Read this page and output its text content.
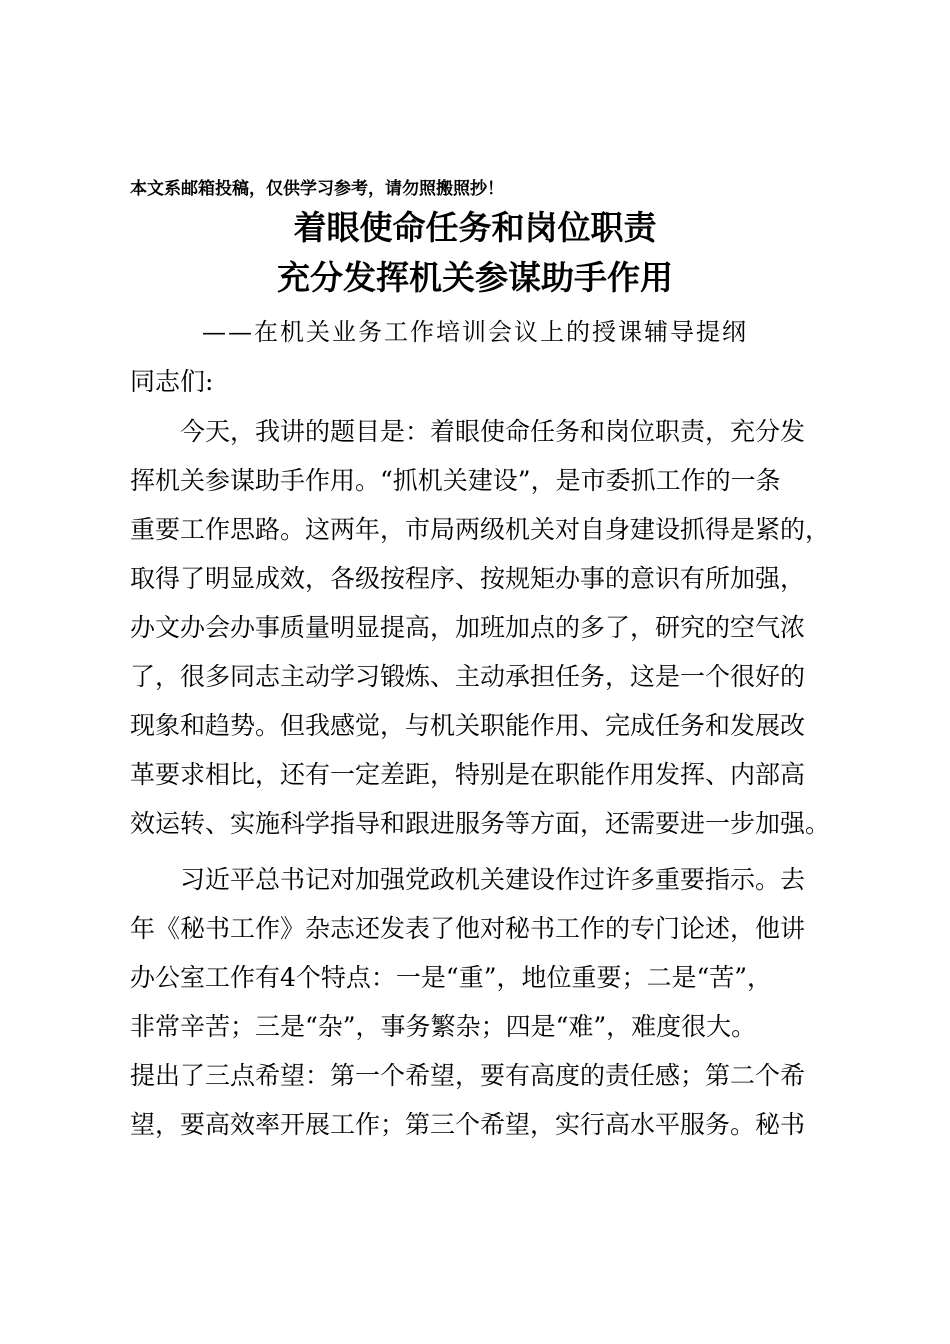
本文系邮箱投稿，仅供学习参考，请勿照搬照抄！
着眼使命任务和岗位职责
充分发挥机关参谋助手作用
——在机关业务工作培训会议上的授课辅导提纲
同志们:
今天，我讲的题目是：着眼使命任务和岗位职责，充分发
挥机关参谋助手作用。“抓机关建设”，是市委抓工作的一条
重要工作思路。这两年，市局两级机关对自身建设抓得是紧的，
取得了明显成效，各级按程序、按规矩办事的意识有所加强，
办文办会办事质量明显提高，加班加点的多了，研究的空气浓
了，很多同志主动学习锻炼、主动承担任务，这是一个很好的
现象和趋势。但我感觉，与机关职能作用、完成任务和发展改
革要求相比，还有一定差距，特别是在职能作用发挥、内部高
效运转、实施科学指导和跟进服务等方面，还需要进一步加强。
习近平总书记对加强党政机关建设作过许多重要指示。去
年《秘书工作》杂志还发表了他对秘书工作的专门论述，他讲
办公室工作有4个特点：一是“重”，地位重要；二是“苦”，
非常辛苦；三是“杂”，事务繁杂；四是“难”，难度很大。
提出了三点希望：第一个希望，要有高度的责任感；第二个希
望，要高效率开展工作；第三个希望，实行高水平服务。秘书
